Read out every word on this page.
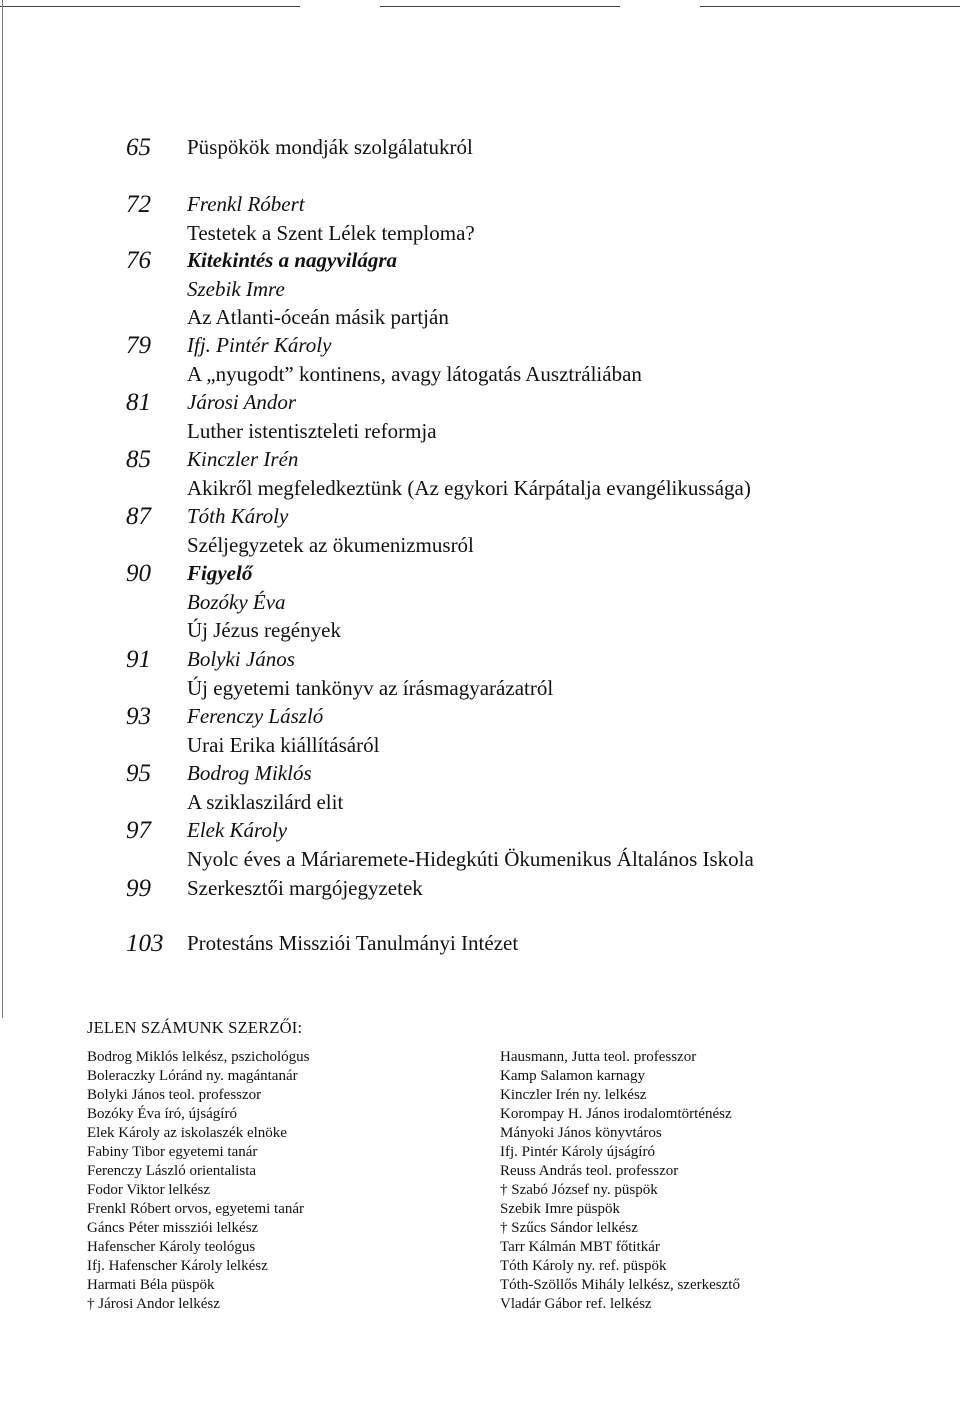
65	Püspökök mondják szolgálatukról
72	Frenkl Róbert
Testetek a Szent Lélek temploma?
76	Kitekintés a nagyvilágra
Szebik Imre
Az Atlanti-óceán másik partján
79	Ifj. Pintér Károly
A „nyugodt” kontinens, avagy látogatás Ausztráliában
81	Járosi Andor
Luther istentiszteleti reformja
85	Kinczler Irén
Akikről megfeledkeztünk (Az egykori Kárpátalja evangélikussága)
87	Tóth Károly
Széljegyzetek az ökumenizmusról
90	Figyelő
Bozóky Éva
Új Jézus regények
91	Bolyki János
Új egyetemi tankönyv az írásmagyarázatról
93	Ferenczy László
Urai Erika kiállításáról
95	Bodrog Miklós
A sziklaszilárd elit
97	Elek Károly
Nyolc éves a Máriaremete-Hidegkúti Ökumenikus Általános Iskola
99	Szerkesztői margójegyzetek
103	Protestáns Missziói Tanulmányi Intézet
JELEN SZÁMUNK SZERZŐI:
Bodrog Miklós lelkész, pszichológus
Boleraczky Lóránd ny. magántanár
Bolyki János teol. professzor
Bozóky Éva író, újságíró
Elek Károly az iskolaszék elnöke
Fabiny Tibor egyetemi tanár
Ferenczy László orientalista
Fodor Viktor lelkész
Frenkl Róbert orvos, egyetemi tanár
Gáncs Péter missziói lelkész
Hafenscher Károly teológus
Ifj. Hafenscher Károly lelkész
Harmati Béla püspök
† Járosi Andor lelkész
Hausmann, Jutta teol. professzor
Kamp Salamon karnagy
Kinczler Irén ny. lelkész
Korompay H. János irodalomtörténész
Mányoki János könyvtáros
Ifj. Pintér Károly újságíró
Reuss András teol. professzor
† Szabó József ny. püspök
Szebik Imre püspök
† Szűcs Sándor lelkész
Tarr Kálmán MBT főtitkár
Tóth Károly ny. ref. püspök
Tóth-Szöllős Mihály lelkész, szerkesztő
Vladár Gábor ref. lelkész
